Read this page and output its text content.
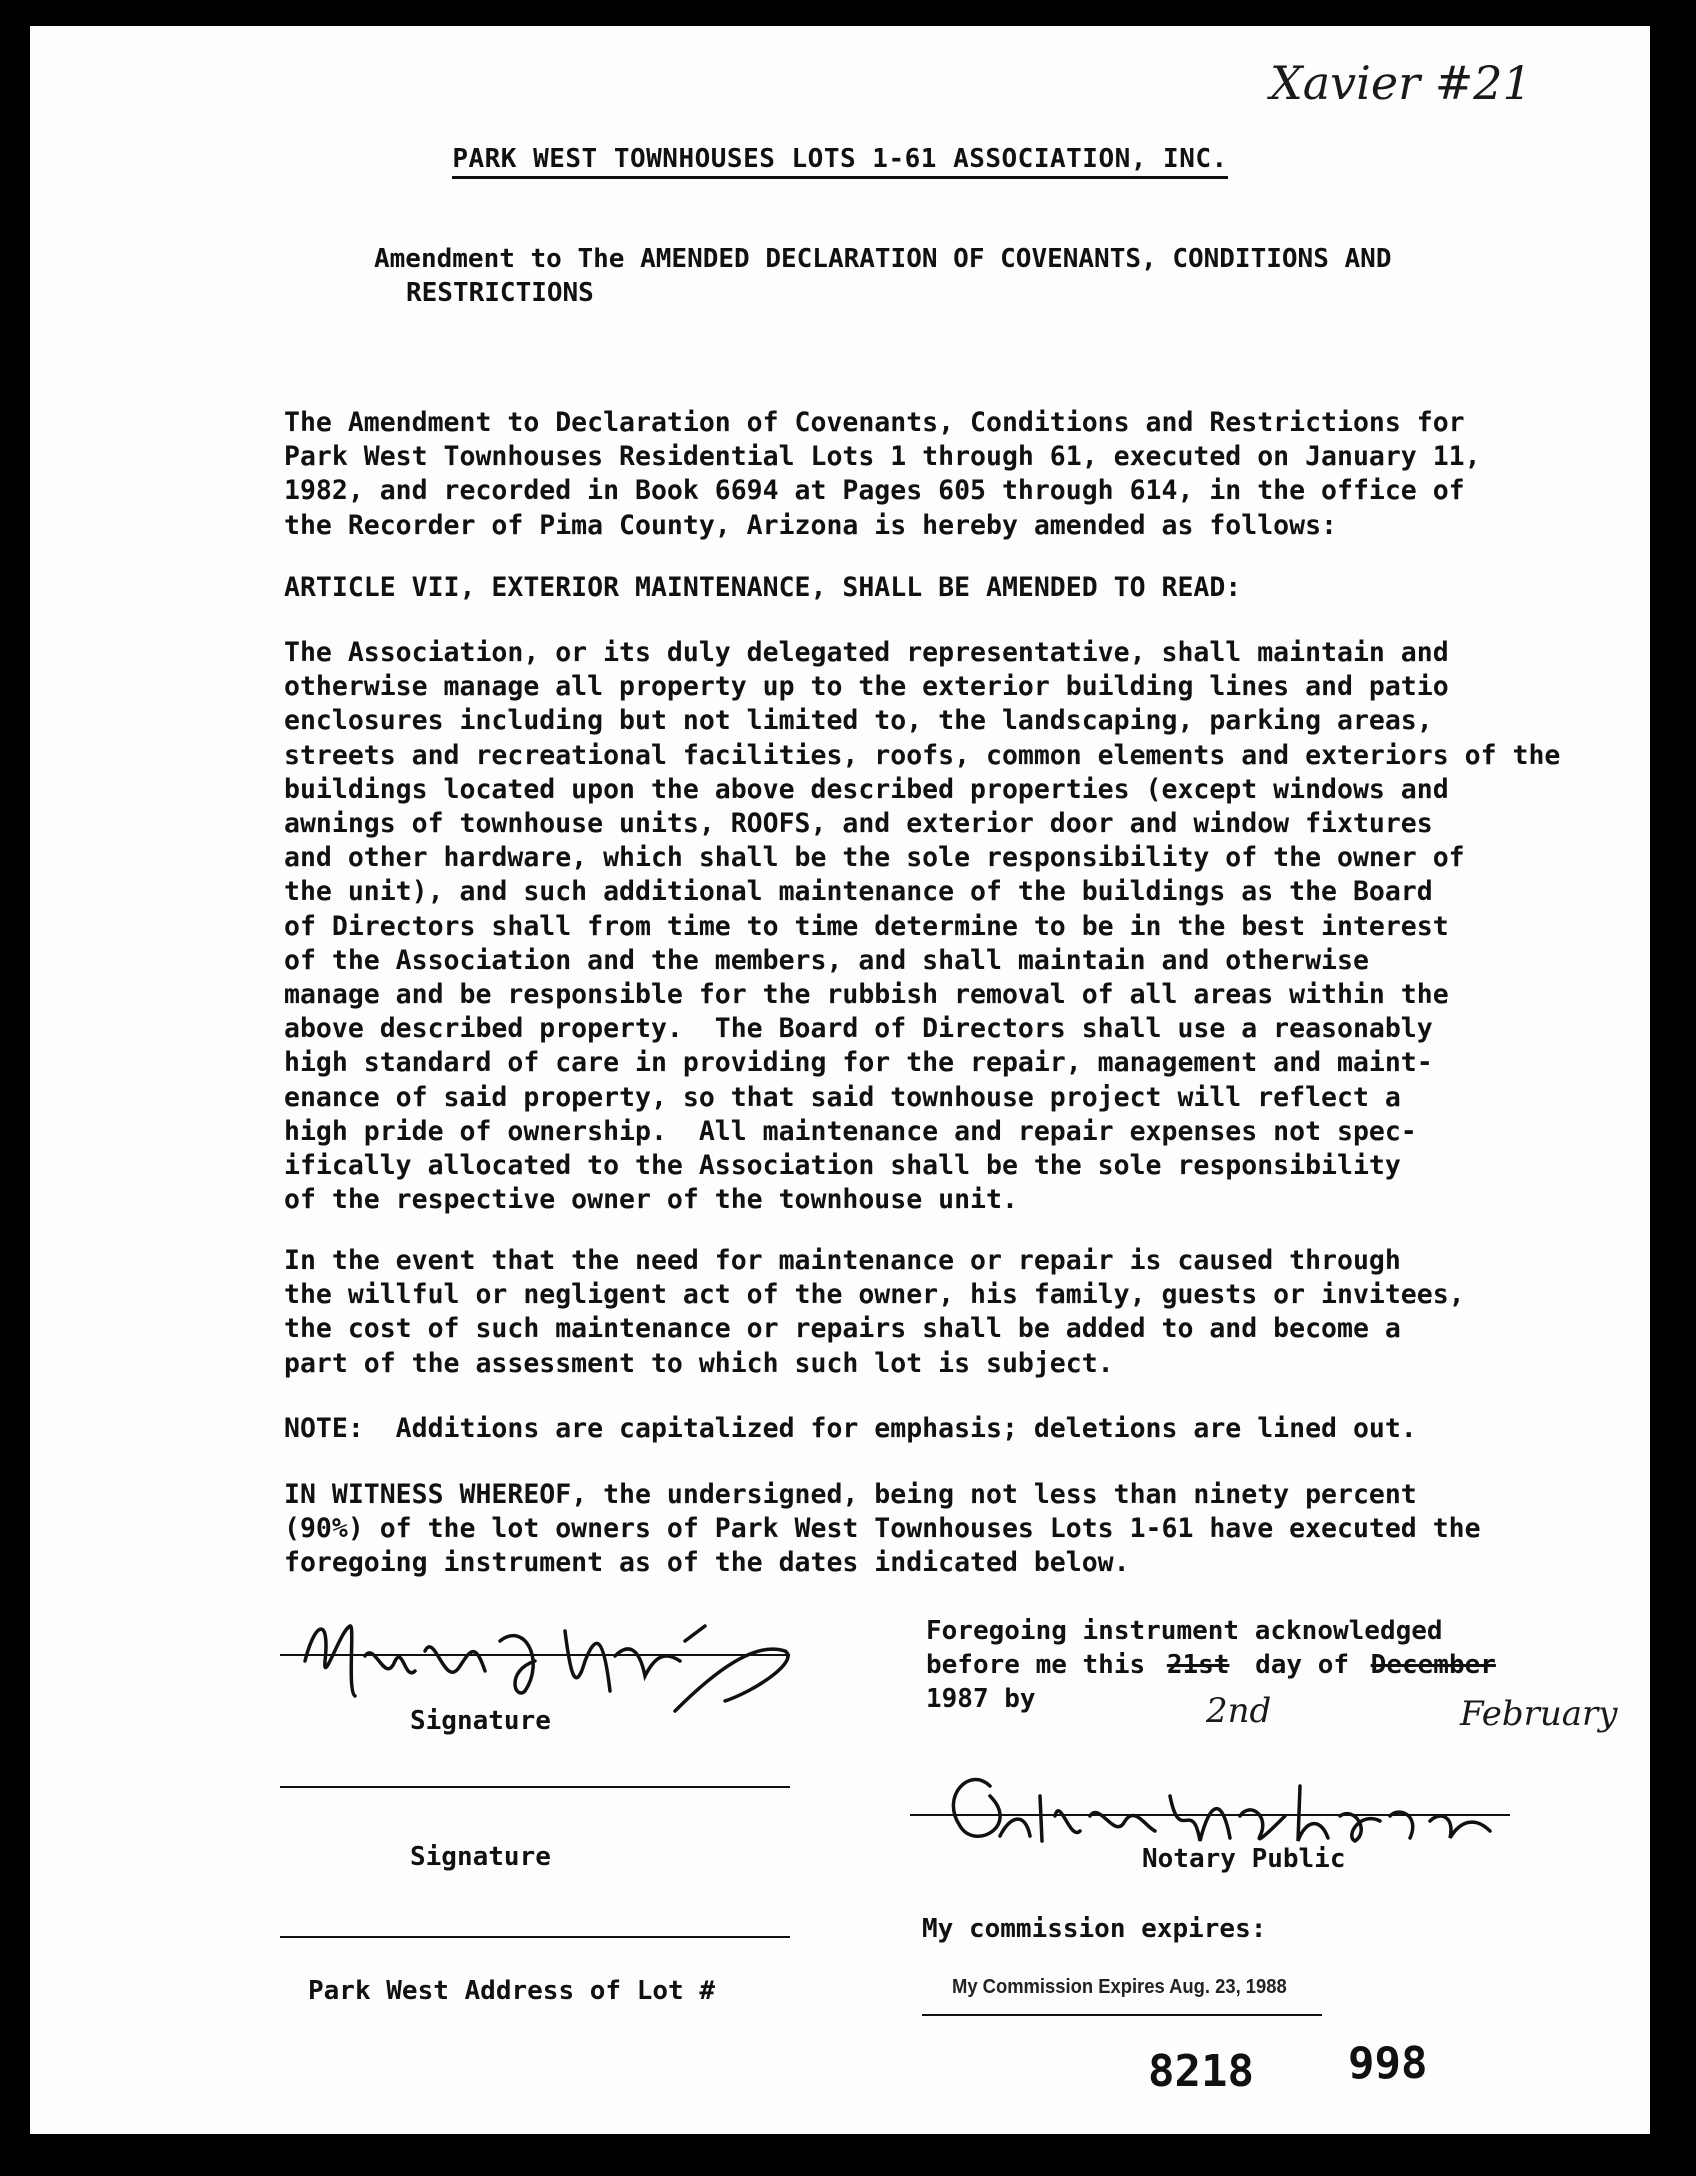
Xavier #21
PARK WEST TOWNHOUSES LOTS 1-61 ASSOCIATION, INC.
Amendment to The AMENDED DECLARATION OF COVENANTS, CONDITIONS AND
RESTRICTIONS
The Amendment to Declaration of Covenants, Conditions and Restrictions for
Park West Townhouses Residential Lots 1 through 61, executed on January 11,
1982, and recorded in Book 6694 at Pages 605 through 614, in the office of
the Recorder of Pima County, Arizona is hereby amended as follows:
ARTICLE VII, EXTERIOR MAINTENANCE, SHALL BE AMENDED TO READ:
The Association, or its duly delegated representative, shall maintain and
otherwise manage all property up to the exterior building lines and patio
enclosures including but not limited to, the landscaping, parking areas,
streets and recreational facilities, roofs, common elements and exteriors of the
buildings located upon the above described properties (except windows and
awnings of townhouse units, ROOFS, and exterior door and window fixtures
and other hardware, which shall be the sole responsibility of the owner of
the unit), and such additional maintenance of the buildings as the Board
of Directors shall from time to time determine to be in the best interest
of the Association and the members, and shall maintain and otherwise
manage and be responsible for the rubbish removal of all areas within the
above described property.  The Board of Directors shall use a reasonably
high standard of care in providing for the repair, management and maint-
enance of said property, so that said townhouse project will reflect a
high pride of ownership.  All maintenance and repair expenses not spec-
ifically allocated to the Association shall be the sole responsibility
of the respective owner of the townhouse unit.
In the event that the need for maintenance or repair is caused through
the willful or negligent act of the owner, his family, guests or invitees,
the cost of such maintenance or repairs shall be added to and become a
part of the assessment to which such lot is subject.
NOTE:  Additions are capitalized for emphasis; deletions are lined out.
IN WITNESS WHEREOF, the undersigned, being not less than ninety percent
(90%) of the lot owners of Park West Townhouses Lots 1-61 have executed the
foregoing instrument as of the dates indicated below.
Signature
Signature
Park West Address of Lot #
Foregoing instrument acknowledged
before me this 21st day of December
1987 by	2nd	February
Notary Public
My commission expires:
My Commission Expires Aug. 23, 1988
8218 998
